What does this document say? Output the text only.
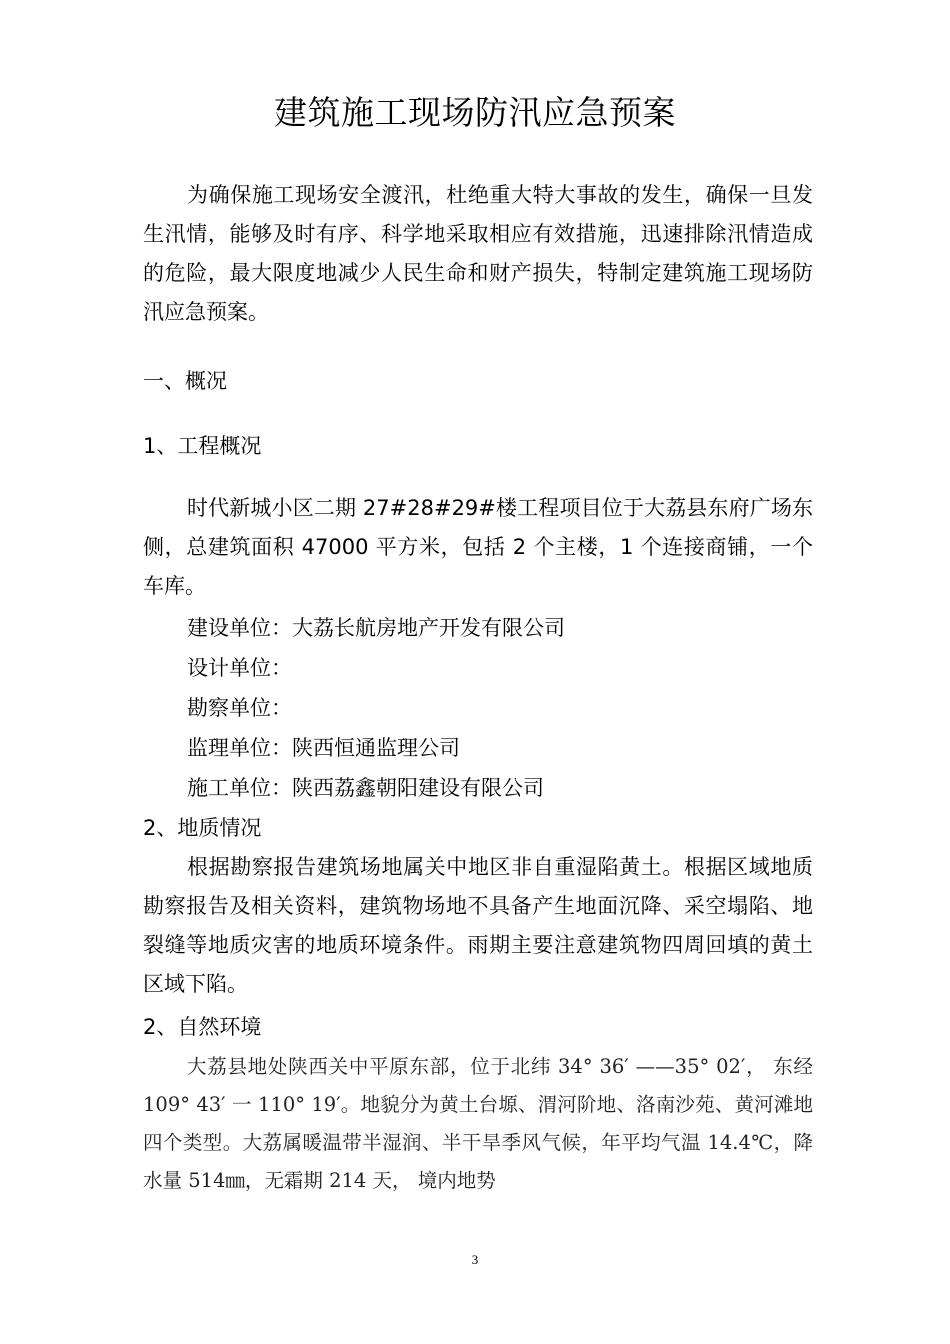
建筑施工现场防汛应急预案
为确保施工现场安全渡汛，杜绝重大特大事故的发生，确保一旦发生汛情，能够及时有序、科学地采取相应有效措施，迅速排除汛情造成的危险，最大限度地减少人民生命和财产损失，特制定建筑施工现场防汛应急预案。
一、概况
1、工程概况
时代新城小区二期 27#28#29#楼工程项目位于大荔县东府广场东侧，总建筑面积 47000 平方米，包括 2 个主楼，1 个连接商铺，一个车库。
建设单位：大荔长航房地产开发有限公司
设计单位：
勘察单位：
监理单位：陕西恒通监理公司
施工单位：陕西荔鑫朝阳建设有限公司
2、地质情况
根据勘察报告建筑场地属关中地区非自重湿陷黄土。根据区域地质勘察报告及相关资料，建筑物场地不具备产生地面沉降、采空塌陷、地裂缝等地质灾害的地质环境条件。雨期主要注意建筑物四周回填的黄土区域下陷。
2、自然环境
大荔县地处陕西关中平原东部，位于北纬 34° 36′ ——35° 02′， 东经 109° 43′ 一 110° 19′。地貌分为黄土台塬、渭河阶地、洛南沙苑、黄河滩地四个类型。大荔属暖温带半湿润、半干旱季风气候，年平均气温 14.4℃，降水量 514㎜，无霜期 214 天， 境内地势
3
